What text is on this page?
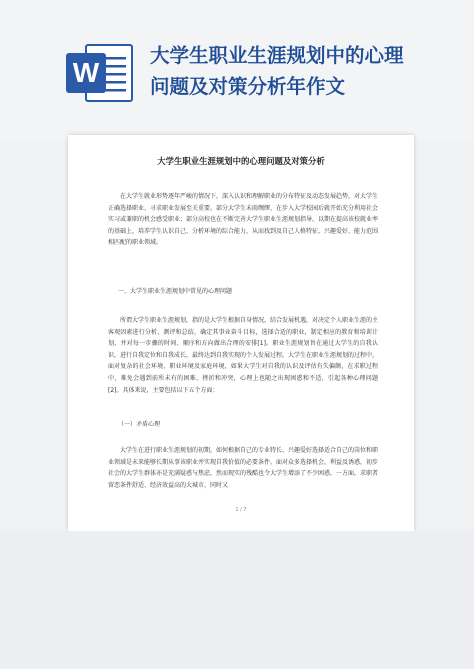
W
大学生职业生涯规划中的心理
问题及对策分析年作文
大学生职业生涯规划中的心理问题及对策分析
在大学生就业形势逐年严峻的情况下，深入认识和理解职业的分布特征及动态发展趋势，对大学生正确选择职业、寻求职业发展至关重要。部分大学生未雨绸缪，在步入大学校园后就开始充分利用社会实习或兼职的机会感受职业；部分高校也在不断完善大学生职业生涯规划指导，以期在提高该校就业率的基础上，培养学生认识自己、分析环境的综合能力，从而找到及自己人格特征、兴趣爱好、能力范围相匹配的职业领域。
一、大学生职业生涯规划中常见的心理问题
所谓大学生职业生涯规划，指的是大学生根据自身情况，结合发展机遇，对决定个人职业生涯的主客观因素进行分析、测评和总结，确定其事业奋斗目标，选择合适的职业，制定相应的教育和培训计划，并对每一步骤的时间、顺序和方向做出合理的安排[1]。职业生涯规划旨在通过大学生的自我认识，进行自我定位和自我成长，最终达到自我实现的个人发展过程。大学生在职业生涯规划的过程中，面对复杂的社会环境、职业环境及家庭环境，如果大学生对自我的认识及评估有失偏颇，在求职过程中，难免会遇到前所未有的困难、挫折和冲突，心理上也随之出现困惑和不适，引起各种心理问题[2]。具体来说，主要包括以下五个方面：
（一）矛盾心理
大学生在进行职业生涯规划的初期，如何根据自己的专业特长、兴趣爱好选择适合自己的岗位和职业领域是未来能够长期从事该职业并实现自我价值的必要条件。面对众多选择机会，利益及诱惑，初步社会的大学生群体亦是充满疑惑与焦虑，然而现实的残酷也令大学生增添了不少困惑。一方面，求职者留恋条件舒适、经济效益高的大城市，同时又
1 / 7
